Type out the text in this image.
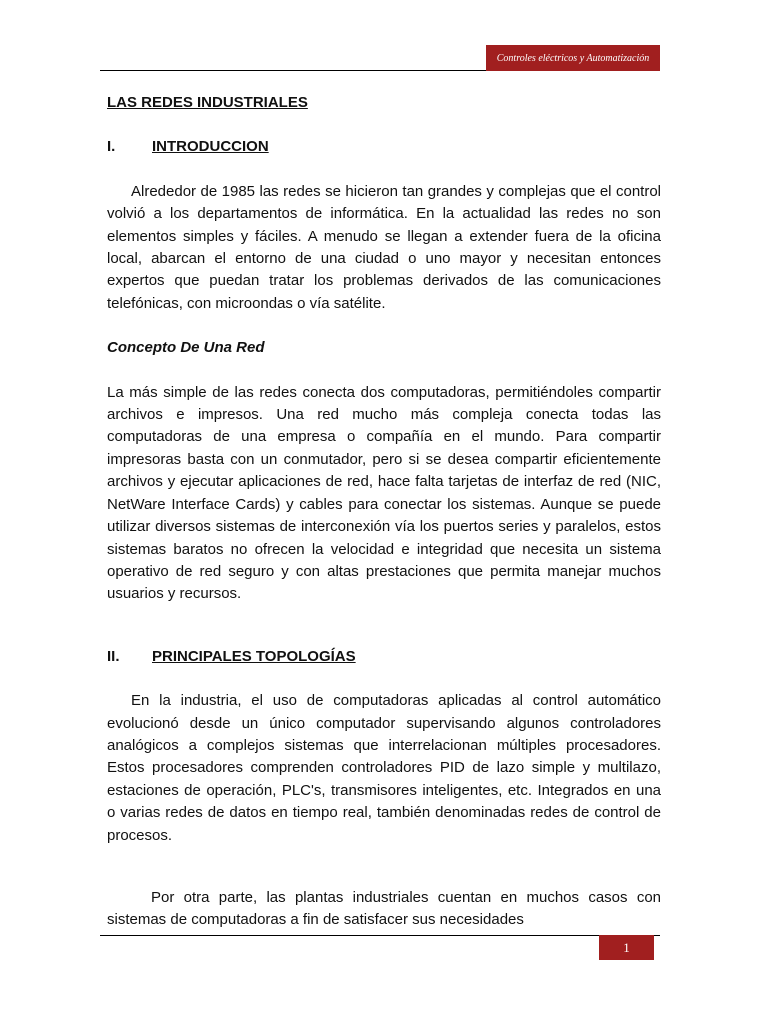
Controles eléctricos y Automatización

LAS REDES INDUSTRIALES

I.	INTRODUCCION

Alrededor de 1985 las redes se hicieron tan grandes y complejas que el control volvió a los departamentos de informática. En la actualidad las redes no son elementos simples y fáciles. A menudo se llegan a extender fuera de la oficina local, abarcan el entorno de una ciudad o uno mayor y necesitan entonces expertos que puedan tratar los problemas derivados de las comunicaciones telefónicas, con microondas o vía satélite.

Concepto De Una Red

La más simple de las redes conecta dos computadoras, permitiéndoles compartir archivos e impresos. Una red mucho más compleja conecta todas las computadoras de una empresa o compañía en el mundo. Para compartir impresoras basta con un conmutador, pero si se desea compartir eficientemente archivos y ejecutar aplicaciones de red, hace falta tarjetas de interfaz de red (NIC, NetWare Interface Cards) y cables para conectar los sistemas. Aunque se puede utilizar diversos sistemas de interconexión vía los puertos series y paralelos, estos sistemas baratos no ofrecen la velocidad e integridad que necesita un sistema operativo de red seguro y con altas prestaciones que permita manejar muchos usuarios y recursos.

II.	PRINCIPALES TOPOLOGÍAS

En la industria, el uso de computadoras aplicadas al control automático evolucionó desde un único computador supervisando algunos controladores analógicos a complejos sistemas que interrelacionan múltiples procesadores. Estos procesadores comprenden controladores PID de lazo simple y multilazo, estaciones de operación, PLC's, transmisores inteligentes, etc. Integrados en una o varias redes de datos en tiempo real, también denominadas redes de control de procesos.

Por otra parte, las plantas industriales cuentan en muchos casos con sistemas de computadoras a fin de satisfacer sus necesidades

1
